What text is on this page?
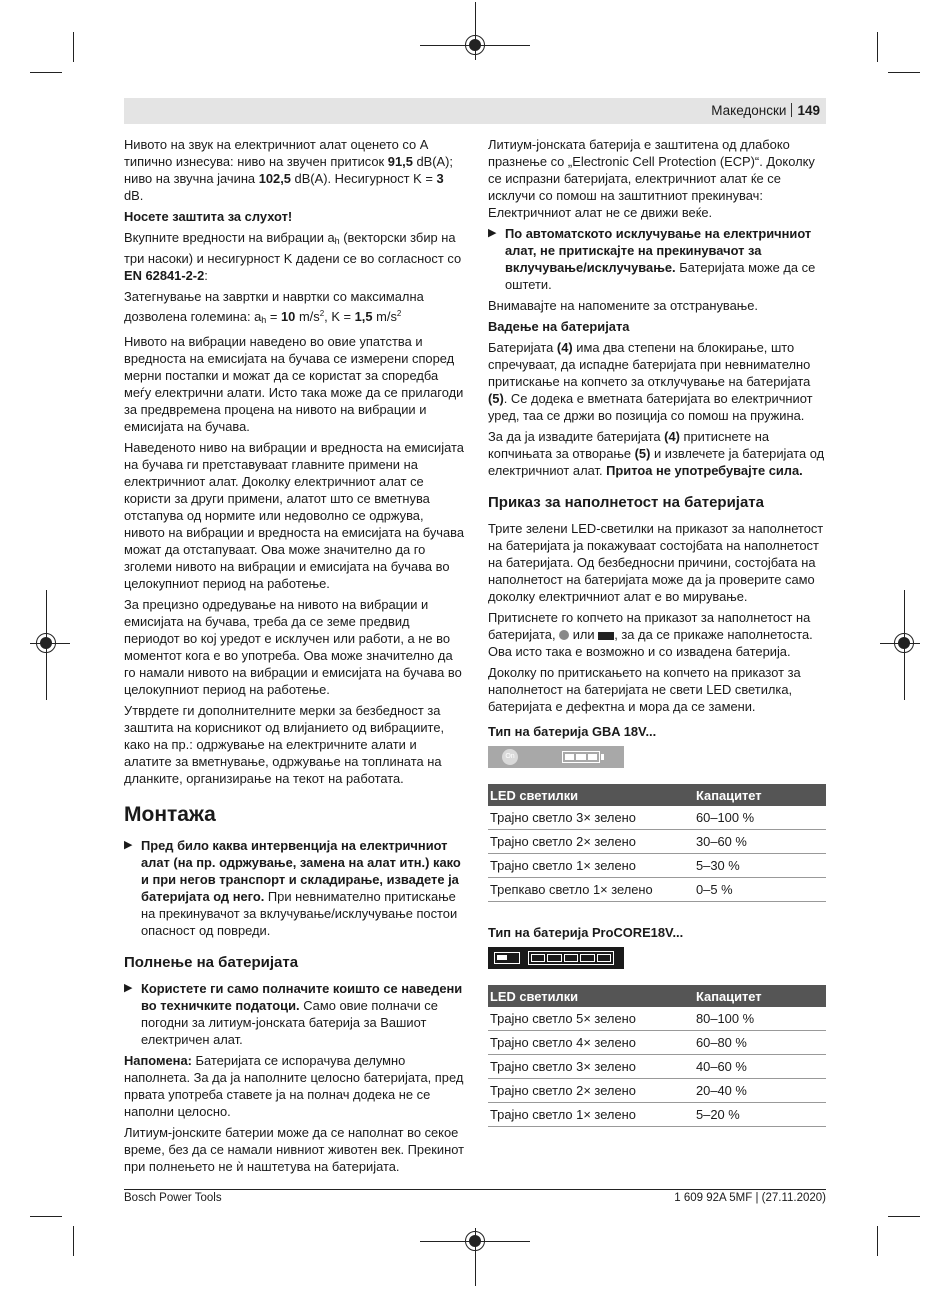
Македонски 149

Нивото на звук на електричниот алат оценето со A типично изнесува: ниво на звучен притисок 91,5 dB(A); ниво на звучна јачина 102,5 dB(A). Несигурност K = 3 dB.

Носете заштита за слухот!

Вкупните вредности на вибрации ah (векторски збир на три насоки) и несигурност K дадени се во согласност со EN 62841-2-2:

Затегнување на завртки и навртки со максимална дозволена големина: ah = 10 $m/s^2$, K = 1,5 $m/s^2$

Нивото на вибрации наведено во овие упатства и вредноста на емисијата на бучава се измерени според мерни постапки и можат да се користат за споредба меѓу електрични алати. Исто така може да се прилагоди за предвремена процена на нивото на вибрации и емисијата на бучава.

Наведеното ниво на вибрации и вредноста на емисијата на бучава ги претставуваат главните примени на електричниот алат. Доколку електричниот алат се користи за други примени, алатот што се вметнува отстапува од нормите или недоволно се одржува, нивото на вибрации и вредноста на емисијата на бучава можат да отстапуваат. Ова може значително да го зголеми нивото на вибрации и емисијата на бучава во целокупниот период на работење.

За прецизно одредување на нивото на вибрации и емисијата на бучава, треба да се земе предвид периодот во кој уредот е исклучен или работи, а не во моментот кога е во употреба. Ова може значително да го намали нивото на вибрации и емисијата на бучава во целокупниот период на работење.

Утврдете ги дополнителните мерки за безбедност за заштита на корисникот од влијанието од вибрациите, како на пр.: одржување на електричните алати и алатите за вметнување, одржување на топлината на дланките, организирање на текот на работата.

Монтажа
▶ Пред било каква интервенција на електричниот алат (на пр. одржување, замена на алат итн.) како и при негов транспорт и складирање, извадете ја батеријата од него. При невнимателно притискање на прекинувачот за вклучување/исклучување постои опасност од повреди.
Полнење на батеријата
▶ Користете ги само полначите коишто се наведени во техничките податоци. Само овие полначи се погодни за литиум-јонската батерија за Вашиот електричен алат.

Напомена: Батеријата се испорачува делумно наполнета. За да ја наполните целосно батеријата, пред првата употреба ставете ја на полнач додека не се наполни целосно.

Литиум-јонските батерии може да се наполнат во секое време, без да се намали нивниот животен век. Прекинот при полнењето не ѝ наштетува на батеријата.

Литиум-јонската батерија е заштитена од длабоко празнење со „Electronic Cell Protection (ECP)“. Доколку се испразни батеријата, електричниот алат ќе се исклучи со помош на заштитниот прекинувач: Електричниот алат не се движи веќе.

▶ По автоматското исклучување на електричниот алат, не притискајте на прекинувачот за вклучување/исклучување. Батеријата може да се оштети.

Внимавајте на напомените за отстранување.

Вадење на батеријата

Батеријата (4) има два степени на блокирање, што спречуваат, да испадне батеријата при невнимателно притискање на копчето за отклучување на батеријата (5). Се додека е вметната батеријата во електричниот уред, таа се држи во позиција со помош на пружина.

За да ја извадите батеријата (4) притиснете на копчињата за отворање (5) и извлечете ја батеријата од електричниот алат. Притоа не употребувајте сила.

Приказ за наполнетост на батеријата

Трите зелени LED-светилки на приказот за наполнетост на батеријата ја покажуваат состојбата на наполнетост на батеријата. Од безбедносни причини, состојбата на наполнетост на батеријата може да ја проверите само доколку електричниот алат е во мирување.

Притиснете го копчето на приказот за наполнетост на батеријата,  или , за да се прикаже наполнетоста. Ова исто така е возможно и со извадена батерија.

Доколку по притискањето на копчето на приказот за наполнетост на батеријата не свети LED светилка, батеријата е дефектна и мора да се замени.

Тип на батерија GBA 18V...

On
LED светилки	Капацитет
Трајно светло 3× зелено	60–100 %
Трајно светло 2× зелено	30–60 %
Трајно светло 1× зелено	5–30 %
Трепкаво светло 1× зелено	0–5 %

Тип на батерија ProCORE18V...

LED светилки	Капацитет
Трајно светло 5× зелено	80–100 %
Трајно светло 4× зелено	60–80 %
Трајно светло 3× зелено	40–60 %
Трајно светло 2× зелено	20–40 %
Трајно светло 1× зелено	5–20 %
Bosch Power Tools	1 609 92A 5MF | (27.11.2020)
